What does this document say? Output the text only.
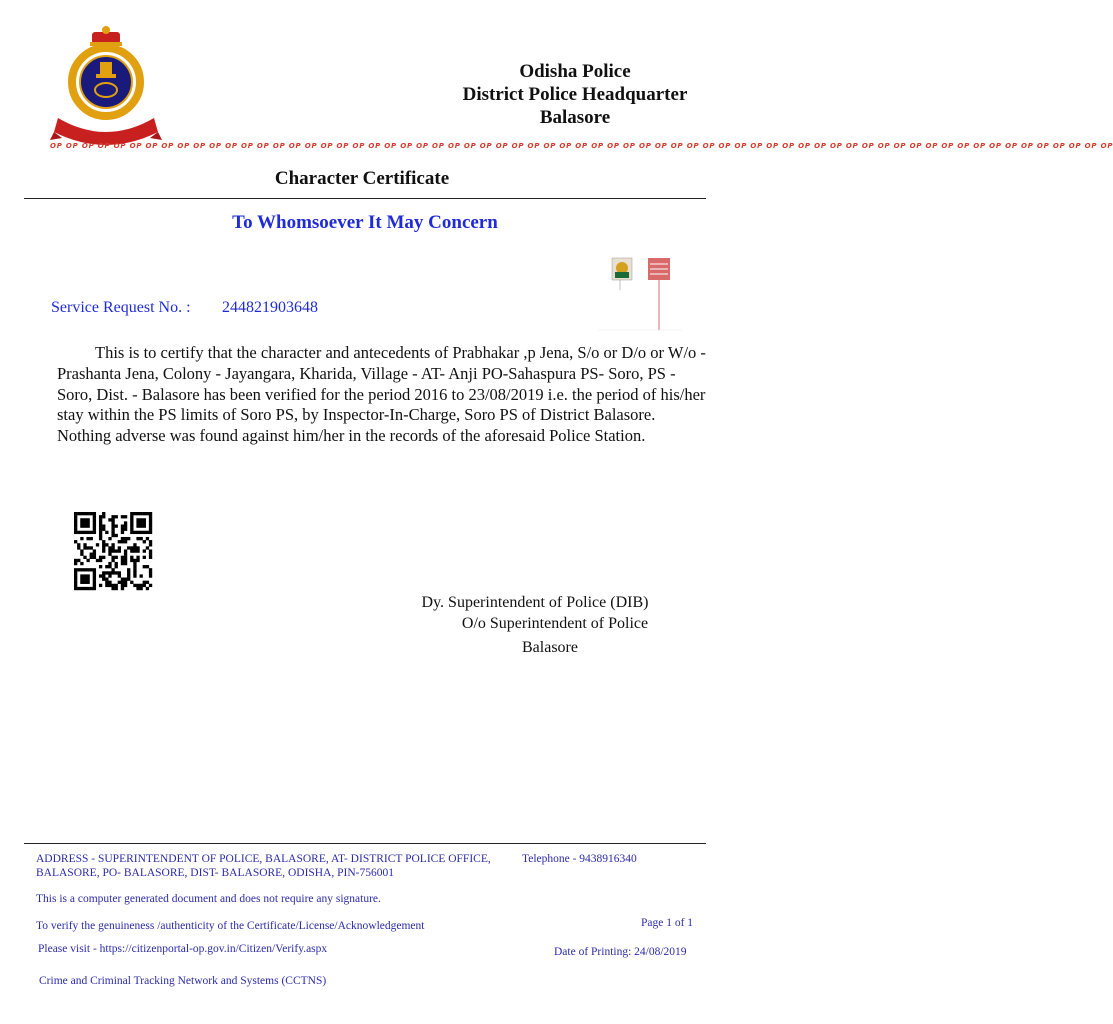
Odisha Police
District Police Headquarter
Balasore
OP OP OP OP OP OP OP OP OP OP OP OP OP OP OP OP OP OP OP OP OP OP OP OP OP OP OP OP OP OP OP OP OP OP OP OP OP OP OP OP OP OP OP OP OP OP OP OP OP OP OP OP OP OP OP OP OP OP OP OP OP OP OP OP OP OP OP
Character Certificate
To Whomsoever It May Concern
Service Request No. : 244821903648
This is to certify that the character and antecedents of Prabhakar ,p Jena, S/o or D/o or W/o - Prashanta Jena, Colony - Jayangara, Kharida, Village - AT- Anji PO-Sahaspura PS- Soro, PS - Soro, Dist. - Balasore has been verified for the period 2016 to 23/08/2019 i.e. the period of his/her stay within the PS limits of Soro PS, by Inspector-In-Charge, Soro PS of District Balasore. Nothing adverse was found against him/her in the records of the aforesaid Police Station.
Dy. Superintendent of Police (DIB)
O/o Superintendent of Police
Balasore
ADDRESS - SUPERINTENDENT OF POLICE, BALASORE, AT- DISTRICT POLICE OFFICE, BALASORE, PO- BALASORE, DIST- BALASORE, ODISHA, PIN-756001
Telephone - 9438916340
This is a computer generated document and does not require any signature.
To verify the genuineness /authenticity of the Certificate/License/Acknowledgement	Page 1 of 1
Please visit - https://citizenportal-op.gov.in/Citizen/Verify.aspx	Date of Printing: 24/08/2019
Crime and Criminal Tracking Network and Systems (CCTNS)
